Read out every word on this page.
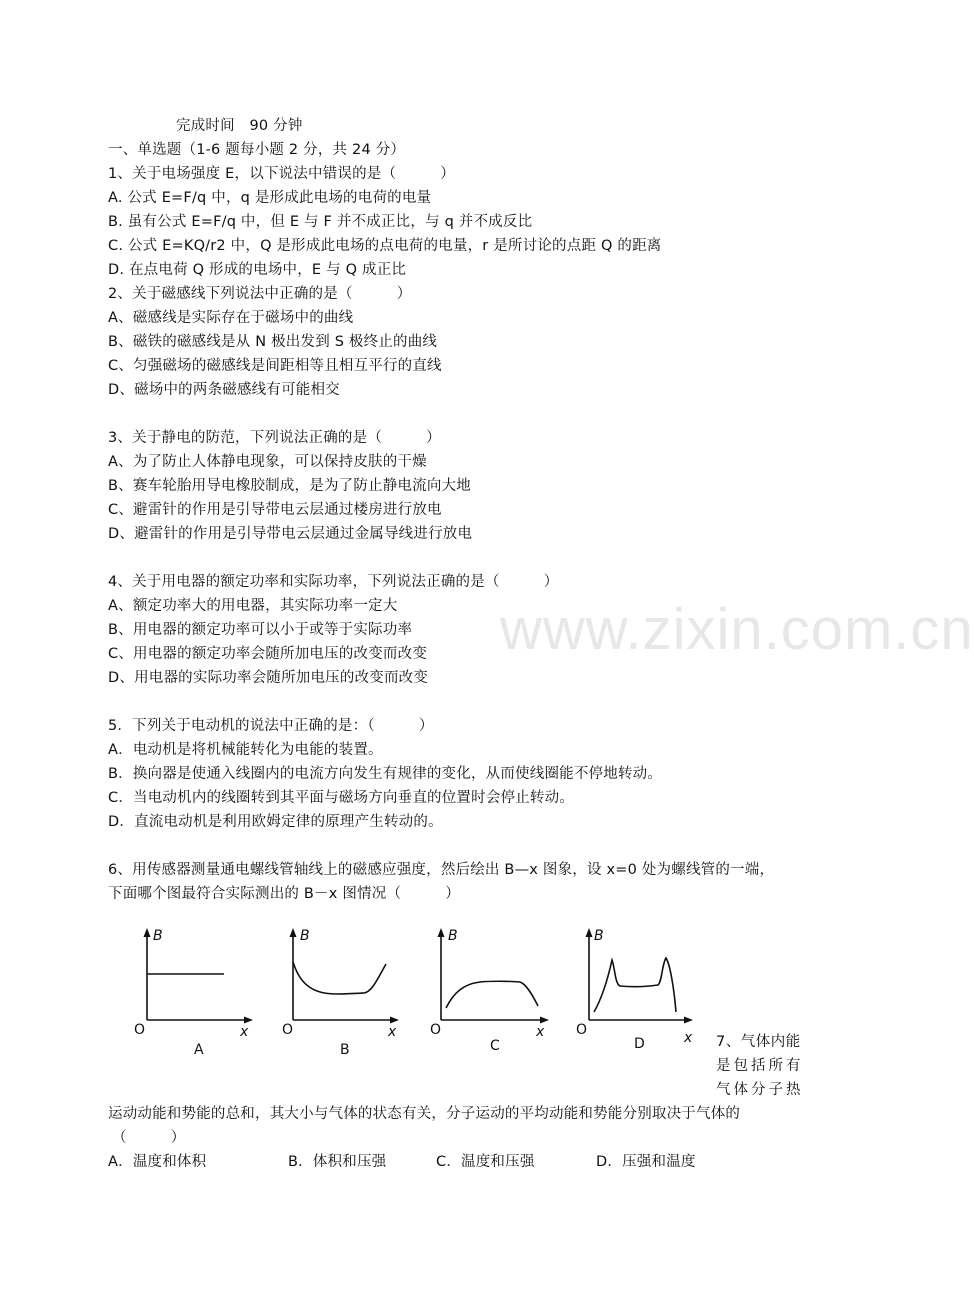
www.zixin.com.cn
完成时间　90 分钟
一、单选题（1-6 题每小题 2 分，共 24 分）
1、关于电场强度 E，以下说法中错误的是（　　　）
A. 公式 E=F/q 中，q 是形成此电场的电荷的电量
B. 虽有公式 E=F/q 中，但 E 与 F 并不成正比，与 q 并不成反比
C. 公式 E=KQ/r2 中，Q 是形成此电场的点电荷的电量，r 是所讨论的点距 Q 的距离
D. 在点电荷 Q 形成的电场中，E 与 Q 成正比
2、关于磁感线下列说法中正确的是（　　　）
A、磁感线是实际存在于磁场中的曲线
B、磁铁的磁感线是从 N 极出发到 S 极终止的曲线
C、匀强磁场的磁感线是间距相等且相互平行的直线
D、磁场中的两条磁感线有可能相交
3、关于静电的防范，下列说法正确的是（　　　）
A、为了防止人体静电现象，可以保持皮肤的干燥
B、赛车轮胎用导电橡胶制成，是为了防止静电流向大地
C、避雷针的作用是引导带电云层通过楼房进行放电
D、避雷针的作用是引导带电云层通过金属导线进行放电
4、关于用电器的额定功率和实际功率，下列说法正确的是（　　　）
A、额定功率大的用电器，其实际功率一定大
B、用电器的额定功率可以小于或等于实际功率
C、用电器的额定功率会随所加电压的改变而改变
D、用电器的实际功率会随所加电压的改变而改变
5．下列关于电动机的说法中正确的是：（　　　）
A．电动机是将机械能转化为电能的装置。
B．换向器是使通入线圈内的电流方向发生有规律的变化，从而使线圈能不停地转动。
C．当电动机内的线圈转到其平面与磁场方向垂直的位置时会停止转动。
D．直流电动机是利用欧姆定律的原理产生转动的。
6、用传感器测量通电螺线管轴线上的磁感应强度，然后绘出 B—x 图象，设 x=0 处为螺线管的一端，
下面哪个图最符合实际测出的 B－x 图情况（　　　）
B
O	x
A
B
O	x
B
B
O	x
C
B
O	x
D	7、气体内能
是包括所有
气体分子热
运动动能和势能的总和，其大小与气体的状态有关，分子运动的平均动能和势能分别取决于气体的
（　　　）
A．温度和体积	B．体积和压强	C．温度和压强	D．压强和温度
